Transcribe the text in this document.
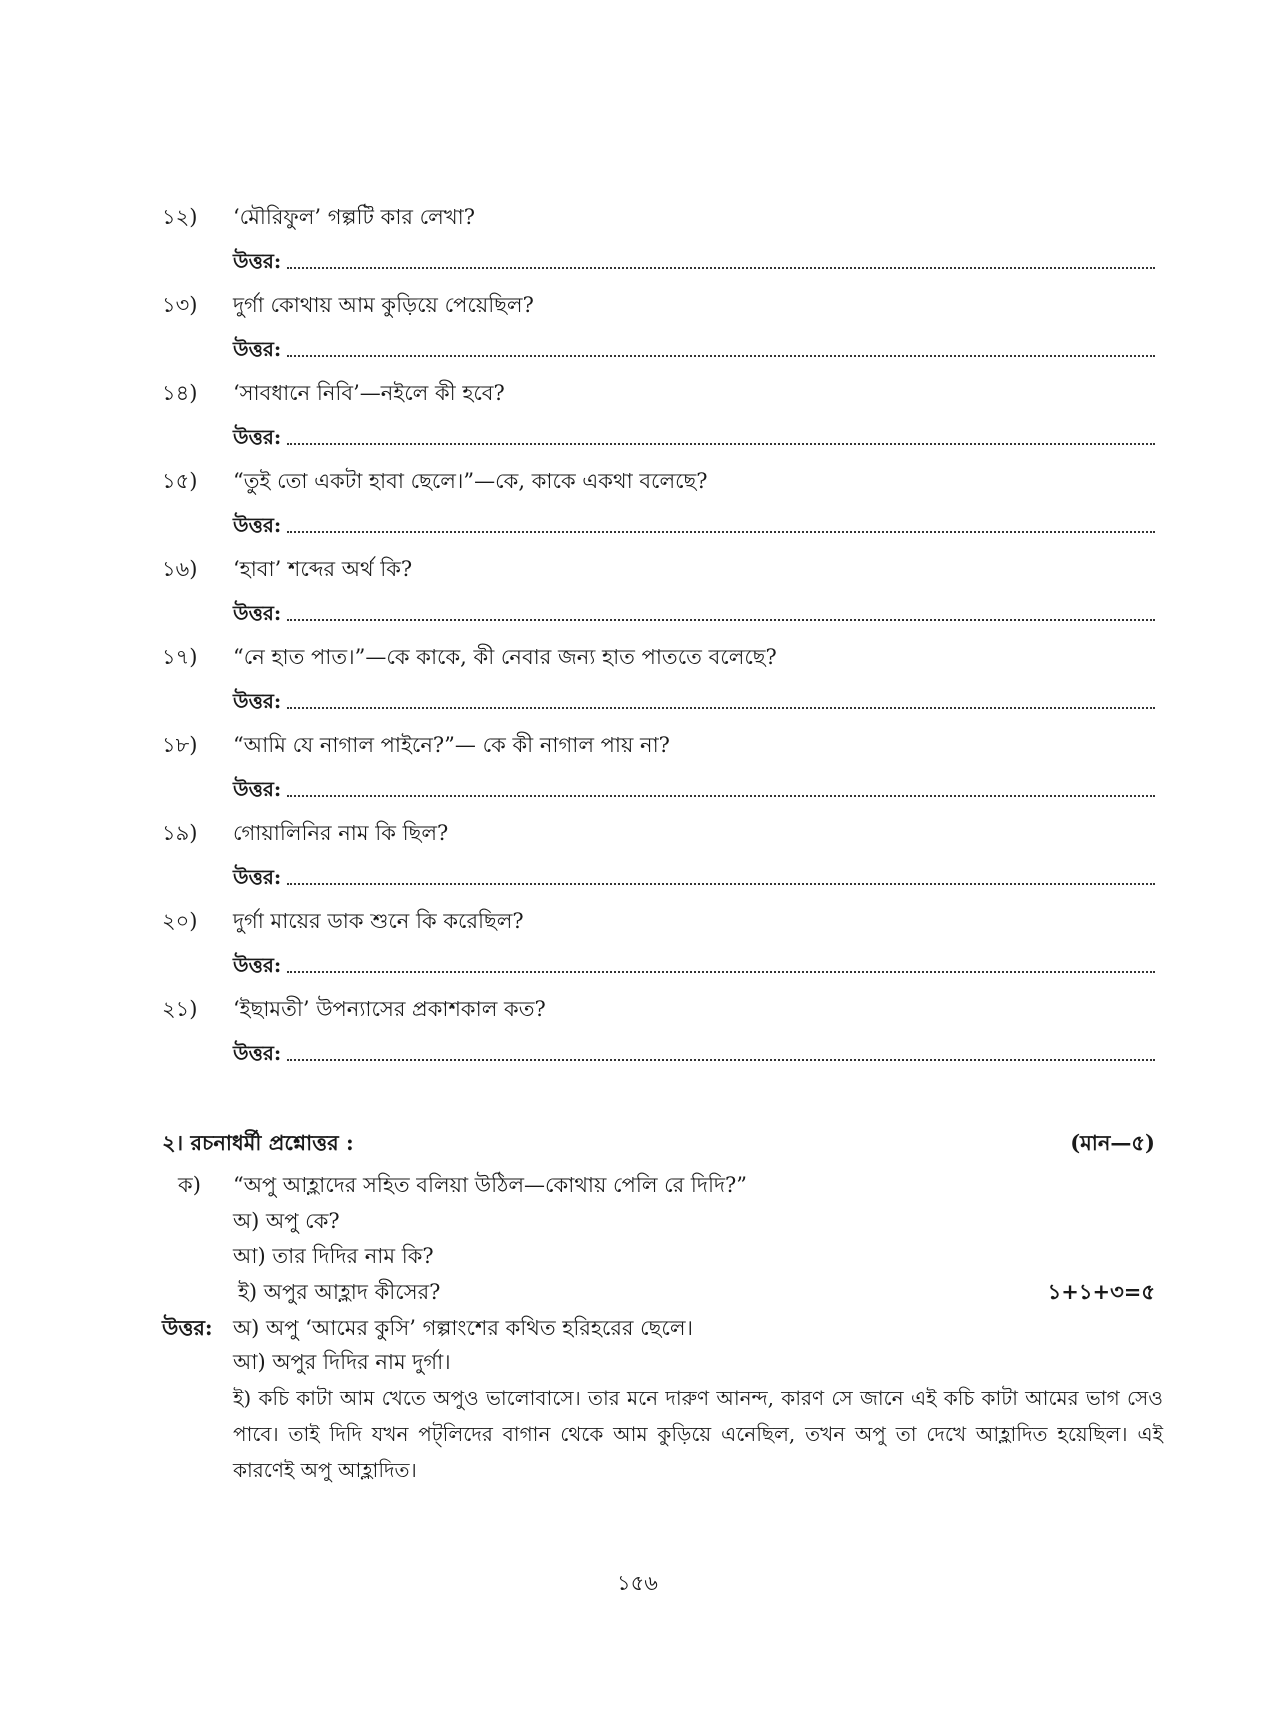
১২) ‘মৌরিফুল’ গল্পটি কার লেখা?
উত্তর:
১৩) দুর্গা কোথায় আম কুড়িয়ে পেয়েছিল?
উত্তর:
১৪) ‘সাবধানে নিবি’—নইলে কী হবে?
উত্তর:
১৫) “তুই তো একটা হাবা ছেলে।”—কে, কাকে একথা বলেছে?
উত্তর:
১৬) ‘হাবা’ শব্দের অর্থ কি?
উত্তর:
১৭) “নে হাত পাত।”—কে কাকে, কী নেবার জন্য হাত পাততে বলেছে?
উত্তর:
১৮) “আমি যে নাগাল পাইনে?”— কে কী নাগাল পায় না?
উত্তর:
১৯) গোয়ালিনির নাম কি ছিল?
উত্তর:
২০) দুর্গা মায়ের ডাক শুনে কি করেছিল?
উত্তর:
২১) ‘ইছামতী’ উপন্যাসের প্রকাশকাল কত?
উত্তর:
২। রচনাধর্মী প্রশ্নোত্তর :	(মান—৫)
ক) “অপু আহ্লাদের সহিত বলিয়া উঠিল—কোথায় পেলি রে দিদি?”
অ) অপু কে?
আ) তার দিদির নাম কি?
ই) অপুর আহ্লাদ কীসের?	১+১+৩=৫
উত্তর: অ) অপু ‘আমের কুসি’ গল্পাংশের কথিত হরিহরের ছেলে।
আ) অপুর দিদির নাম দুর্গা।
ই) কচি কাটা আম খেতে অপুও ভালোবাসে। তার মনে দারুণ আনন্দ, কারণ সে জানে এই কচি কাটা আমের ভাগ সেও পাবে। তাই দিদি যখন পট্‌লিদের বাগান থেকে আম কুড়িয়ে এনেছিল, তখন অপু তা দেখে আহ্লাদিত হয়েছিল। এই কারণেই অপু আহ্লাদিত।
১৫৬
